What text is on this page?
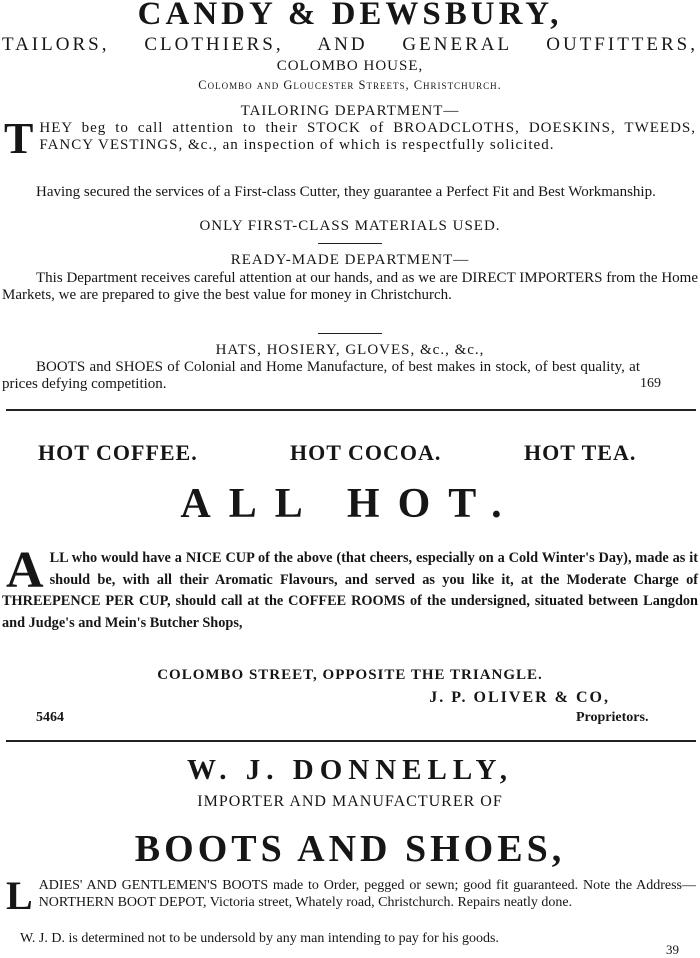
CANDY & DEWSBURY,
TAILORS, CLOTHIERS, AND GENERAL OUTFITTERS,
COLOMBO HOUSE,
Colombo and Gloucester Streets, Christchurch.
TAILORING DEPARTMENT—
T HEY beg to call attention to their STOCK of BROADCLOTHS, DOESKINS, TWEEDS, FANCY VESTINGS, &c., an inspection of which is respectfully solicited.
Having secured the services of a First-class Cutter, they guarantee a Perfect Fit and Best Workmanship.
ONLY FIRST-CLASS MATERIALS USED.
READY-MADE DEPARTMENT—
This Department receives careful attention at our hands, and as we are DIRECT IMPORTERS from the Home Markets, we are prepared to give the best value for money in Christchurch.
HATS, HOSIERY, GLOVES, &c., &c.,
BOOTS and SHOES of Colonial and Home Manufacture, of best makes in stock, of best quality, at prices defying competition.	169
HOT COFFEE.	HOT COCOA.	HOT TEA.
ALL HOT.
A LL who would have a NICE CUP of the above (that cheers, especially on a Cold Winter's Day), made as it should be, with all their Aromatic Flavours, and served as you like it, at the Moderate Charge of THREEPENCE PER CUP, should call at the COFFEE ROOMS of the undersigned, situated between Langdon and Judge's and Mein's Butcher Shops,
COLOMBO STREET, OPPOSITE THE TRIANGLE.
J. P. OLIVER & CO,
5464	Proprietors.
W. J. DONNELLY,
IMPORTER AND MANUFACTURER OF
BOOTS AND SHOES,
L ADIES' AND GENTLEMEN'S BOOTS made to Order, pegged or sewn; good fit guaranteed. Note the Address—NORTHERN BOOT DEPOT, Victoria street, Whately road, Christchurch. Repairs neatly done.
W. J. D. is determined not to be undersold by any man intending to pay for his goods.
39
